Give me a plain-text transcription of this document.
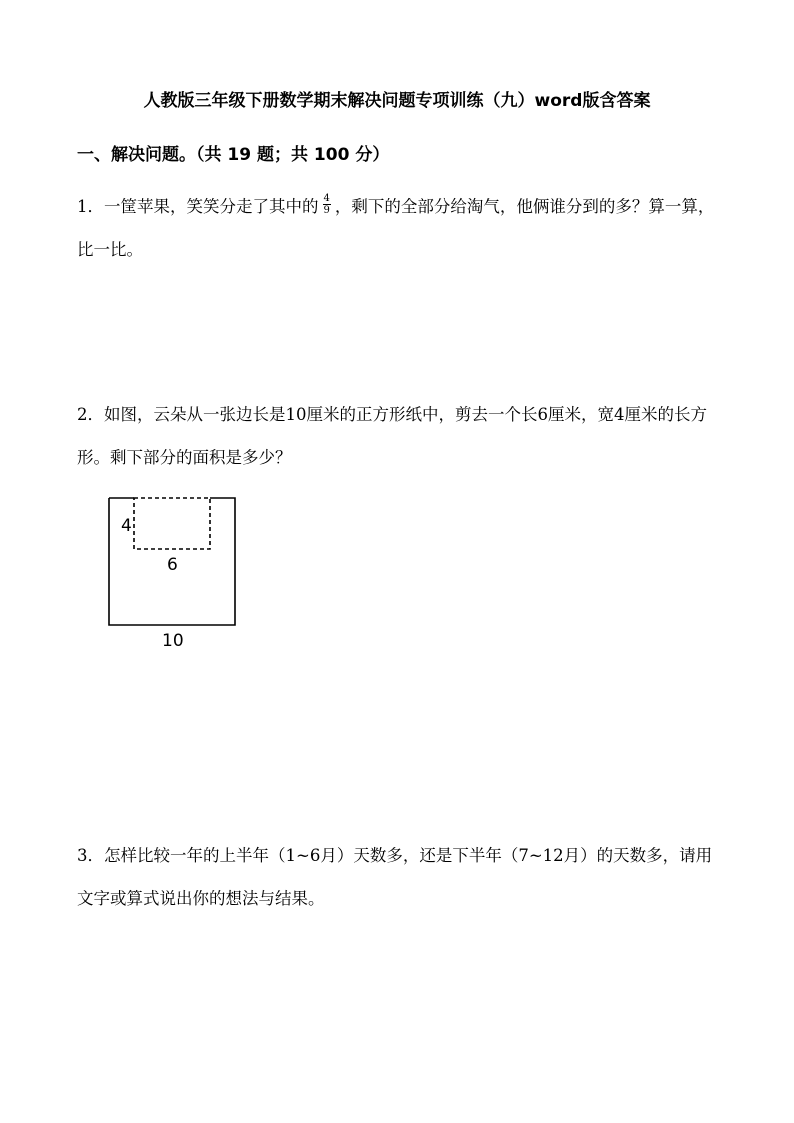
人教版三年级下册数学期末解决问题专项训练（九）word版含答案
一、解决问题。（共 19 题；共 100 分）
1．一筐苹果，笑笑分走了其中的 $\frac{4}{9}$ ，剩下的全部分给淘气，他俩谁分到的多？算一算，比一比。
2．如图，云朵从一张边长是10厘米的正方形纸中，剪去一个长6厘米，宽4厘米的长方形。剩下部分的面积是多少？
4
6
10
3．怎样比较一年的上半年（1~6月）天数多，还是下半年（7~12月）的天数多，请用文字或算式说出你的想法与结果。
